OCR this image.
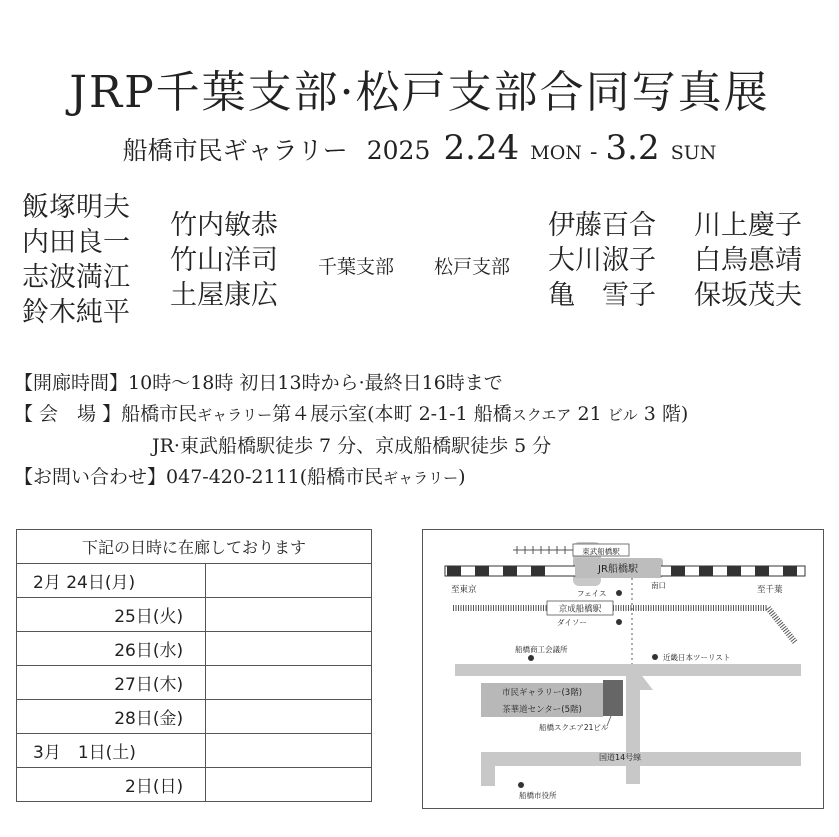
JRP千葉支部·松戸支部合同写真展
船橋市民ギャラリー 2025 2.24 MON - 3.2 SUN
飯塚明夫
内田良一
志波満江
鈴木純平
竹内敏恭
竹山洋司
土屋康広
千葉支部 松戸支部
伊藤百合
大川淑子
亀　雪子
川上慶子
白鳥悳靖
保坂茂夫
【開廊時間】10時～18時 初日13時から·最終日16時まで
【 会　場 】船橋市民ギャラリー第４展示室(本町 2-1-1 船橋スクエア 21 ビル 3 階)
JR·東武船橋駅徒歩 7 分、京成船橋駅徒歩 5 分
【お問い合わせ】047-420-2111(船橋市民ギャラリー)
下記の日時に在廊しております	
2月 24日(月)	
25日(火)	
26日(水)	
27日(木)	
28日(金)	
3月　1日(土)	
2日(日)	
JR船橋駅
東武船橋駅
至東京	至千葉
南口
フェイス
京成船橋駅
ダイソー
船橋商工会議所
近畿日本ツーリスト
市民ギャラリー(3階)
茶華道センター(5階)
船橋スクエア21ビル
国道14号線
船橋市役所
